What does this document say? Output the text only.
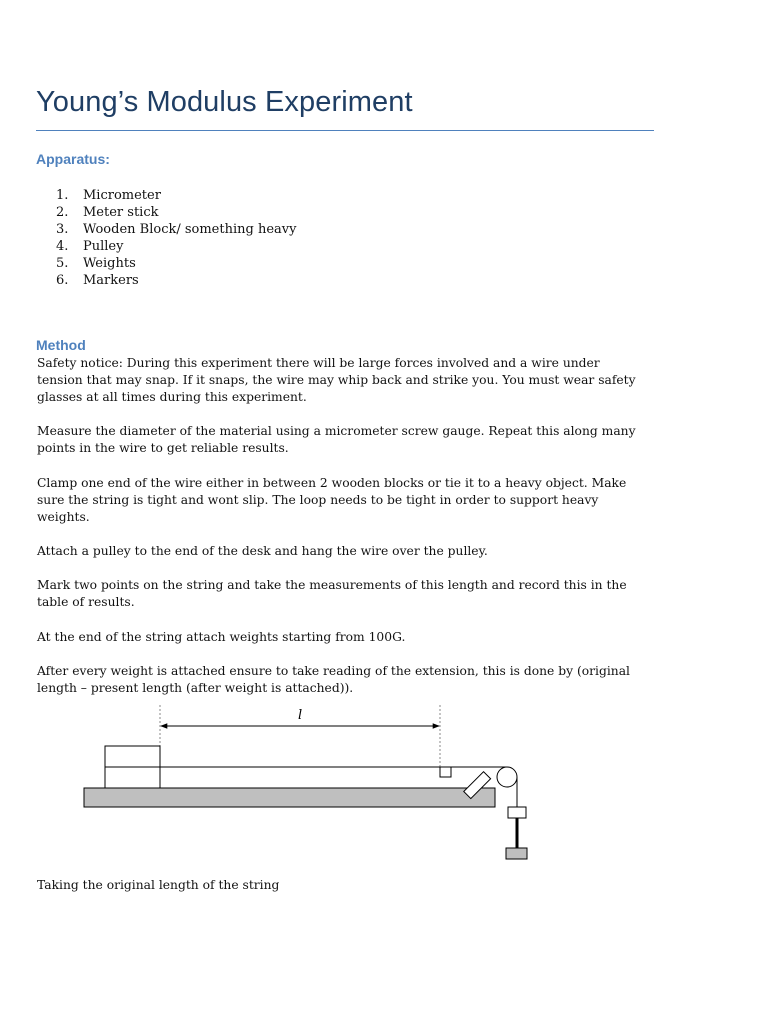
Young’s Modulus Experiment
Apparatus:
1. Micrometer
2. Meter stick
3. Wooden Block/ something heavy
4. Pulley
5. Weights
6. Markers
Method

Safety notice: During this experiment there will be large forces involved and a wire under tension that may snap. If it snaps, the wire may whip back and strike you. You must wear safety glasses at all times during this experiment.

Measure the diameter of the material using a micrometer screw gauge. Repeat this along many points in the wire to get reliable results.

Clamp one end of the wire either in between 2 wooden blocks or tie it to a heavy object. Make sure the string is tight and wont slip. The loop needs to be tight in order to support heavy weights.

Attach a pulley to the end of the desk and hang the wire over the pulley.

Mark two points on the string and take the measurements of this length and record this in the table of results.

At the end of the string attach weights starting from 100G.

After every weight is attached ensure to take reading of the extension, this is done by (original length – present length (after weight is attached)).

l

Taking the original length of the string
